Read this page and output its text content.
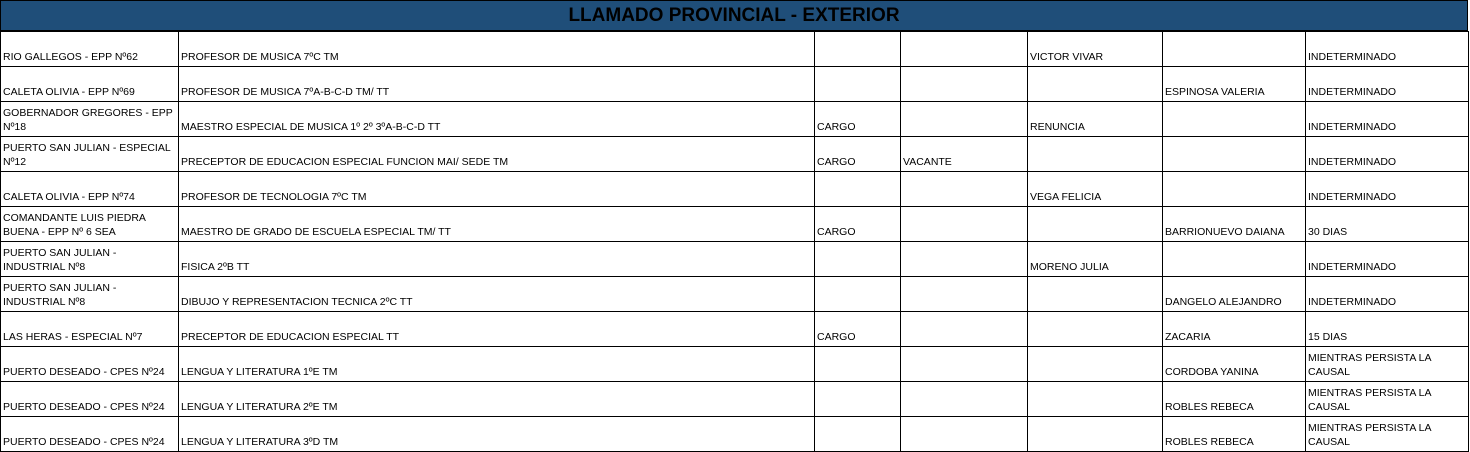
LLAMADO PROVINCIAL - EXTERIOR
RIO GALLEGOS - EPP Nº62	PROFESOR DE MUSICA 7ºC TM			VICTOR VIVAR		INDETERMINADO
CALETA OLIVIA - EPP Nº69	PROFESOR DE MUSICA 7ºA-B-C-D TM/ TT				ESPINOSA VALERIA	INDETERMINADO
GOBERNADOR GREGORES - EPP Nº18	MAESTRO ESPECIAL DE MUSICA 1º 2º 3ºA-B-C-D TT	CARGO		RENUNCIA		INDETERMINADO
PUERTO SAN JULIAN - ESPECIAL Nº12	PRECEPTOR DE EDUCACION ESPECIAL FUNCION MAI/ SEDE TM	CARGO	VACANTE			INDETERMINADO
CALETA OLIVIA - EPP Nº74	PROFESOR DE TECNOLOGIA 7ºC TM			VEGA FELICIA		INDETERMINADO
COMANDANTE LUIS PIEDRA BUENA - EPP Nº 6 SEA	MAESTRO DE GRADO DE ESCUELA ESPECIAL TM/ TT	CARGO			BARRIONUEVO DAIANA	30 DIAS
PUERTO SAN JULIAN - INDUSTRIAL Nº8	FISICA 2ºB TT			MORENO JULIA		INDETERMINADO
PUERTO SAN JULIAN - INDUSTRIAL Nº8	DIBUJO Y REPRESENTACION TECNICA 2ºC TT				DANGELO ALEJANDRO	INDETERMINADO
LAS HERAS - ESPECIAL Nº7	PRECEPTOR DE EDUCACION ESPECIAL TT	CARGO			ZACARIA	15 DIAS
PUERTO DESEADO - CPES Nº24	LENGUA Y LITERATURA 1ºE TM				CORDOBA YANINA	MIENTRAS PERSISTA LA CAUSAL
PUERTO DESEADO - CPES Nº24	LENGUA Y LITERATURA 2ºE TM				ROBLES REBECA	MIENTRAS PERSISTA LA CAUSAL
PUERTO DESEADO - CPES Nº24	LENGUA Y LITERATURA 3ºD TM				ROBLES REBECA	MIENTRAS PERSISTA LA CAUSAL
